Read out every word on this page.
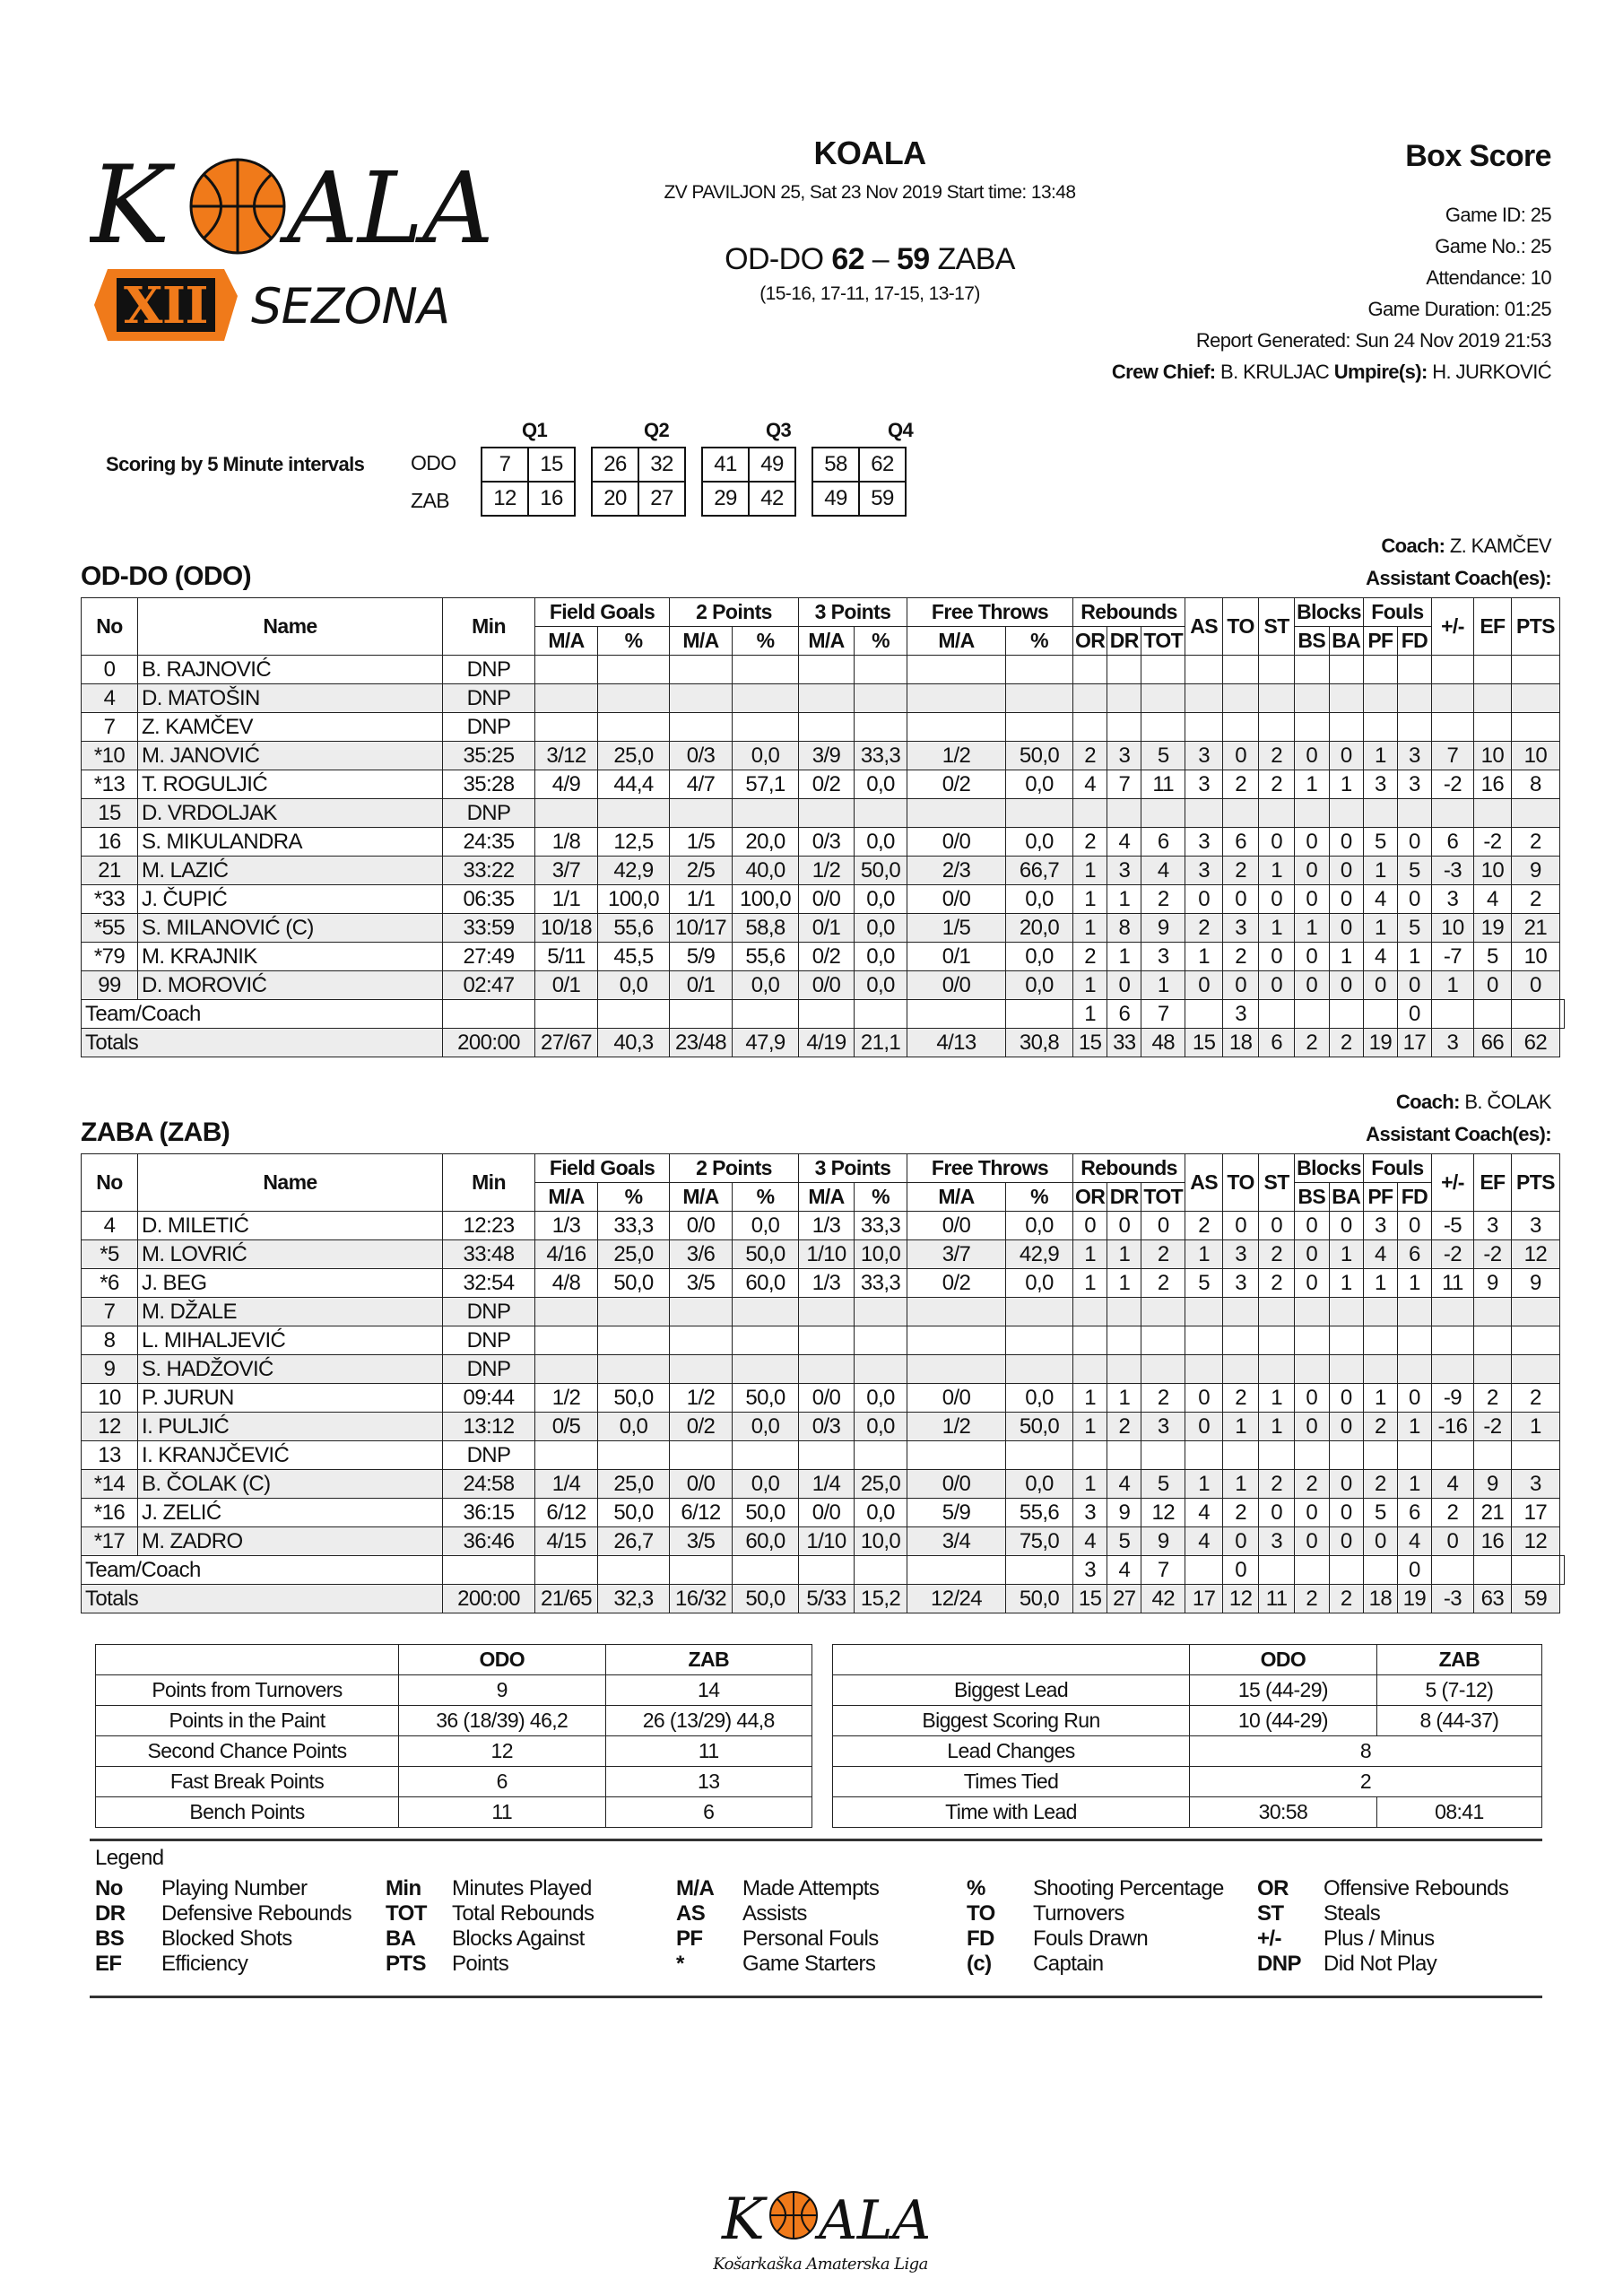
K ALA
XII SEZONA
KOALA
ZV PAVILJON 25, Sat 23 Nov 2019 Start time: 13:48
OD-DO 62 – 59 ZABA
(15-16, 17-11, 17-15, 13-17)
Box Score
Game ID: 25
Game No.: 25
Attendance: 10
Game Duration: 01:25
Report Generated: Sun 24 Nov 2019 21:53
Crew Chief: B. KRULJAC Umpire(s): H. JURKOVIĆ
Scoring by 5 Minute intervals
Q1	Q2	Q3	Q4
ODO
ZAB
7	15		26	32		41	49		58	62
12	16		20	27		29	42		49	59
Coach: Z. KAMČEV
Assistant Coach(es):
OD-DO (ODO)
No	Name	Min	Field Goals		2 Points		3 Points		Free Throws		Rebounds			AS	TO	ST	Blocks		Fouls		+/-	EF	PTS	
			M/A	%	M/A	%	M/A	%	M/A	%	OR	DR	TOT				BS	BA	PF	FD				
0	B. RAJNOVIĆ	DNP																						
4	D. MATOŠIN	DNP																						
7	Z. KAMČEV	DNP																						
*10	M. JANOVIĆ	35:25	3/12	25,0	0/3	0,0	3/9	33,3	1/2	50,0	2	3	5	3	0	2	0	0	1	3	7	10	10	
*13	T. ROGULJIĆ	35:28	4/9	44,4	4/7	57,1	0/2	0,0	0/2	0,0	4	7	11	3	2	2	1	1	3	3	-2	16	8	
15	D. VRDOLJAK	DNP																						
16	S. MIKULANDRA	24:35	1/8	12,5	1/5	20,0	0/3	0,0	0/0	0,0	2	4	6	3	6	0	0	0	5	0	6	-2	2	
21	M. LAZIĆ	33:22	3/7	42,9	2/5	40,0	1/2	50,0	2/3	66,7	1	3	4	3	2	1	0	0	1	5	-3	10	9	
*33	J. ČUPIĆ	06:35	1/1	100,0	1/1	100,0	0/0	0,0	0/0	0,0	1	1	2	0	0	0	0	0	4	0	3	4	2	
*55	S. MILANOVIĆ (C)	33:59	10/18	55,6	10/17	58,8	0/1	0,0	1/5	20,0	1	8	9	2	3	1	1	0	1	5	10	19	21	
*79	M. KRAJNIK	27:49	5/11	45,5	5/9	55,6	0/2	0,0	0/1	0,0	2	1	3	1	2	0	0	1	4	1	-7	5	10	
99	D. MOROVIĆ	02:47	0/1	0,0	0/1	0,0	0/0	0,0	0/0	0,0	1	0	1	0	0	0	0	0	0	0	1	0	0	
Team/Coach											1	6	7		3					0				
Totals		200:00	27/67	40,3	23/48	47,9	4/19	21,1	4/13	30,8	15	33	48	15	18	6	2	2	19	17	3	66	62	
Coach: B. ČOLAK
Assistant Coach(es):
ZABA (ZAB)
No	Name	Min	Field Goals		2 Points		3 Points		Free Throws		Rebounds			AS	TO	ST	Blocks		Fouls		+/-	EF	PTS	
			M/A	%	M/A	%	M/A	%	M/A	%	OR	DR	TOT				BS	BA	PF	FD				
4	D. MILETIĆ	12:23	1/3	33,3	0/0	0,0	1/3	33,3	0/0	0,0	0	0	0	2	0	0	0	0	3	0	-5	3	3	
*5	M. LOVRIĆ	33:48	4/16	25,0	3/6	50,0	1/10	10,0	3/7	42,9	1	1	2	1	3	2	0	1	4	6	-2	-2	12	
*6	J. BEG	32:54	4/8	50,0	3/5	60,0	1/3	33,3	0/2	0,0	1	1	2	5	3	2	0	1	1	1	11	9	9	
7	M. DŽALE	DNP																						
8	L. MIHALJEVIĆ	DNP																						
9	S. HADŽOVIĆ	DNP																						
10	P. JURUN	09:44	1/2	50,0	1/2	50,0	0/0	0,0	0/0	0,0	1	1	2	0	2	1	0	0	1	0	-9	2	2	
12	I. PULJIĆ	13:12	0/5	0,0	0/2	0,0	0/3	0,0	1/2	50,0	1	2	3	0	1	1	0	0	2	1	-16	-2	1	
13	I. KRANJČEVIĆ	DNP																						
*14	B. ČOLAK (C)	24:58	1/4	25,0	0/0	0,0	1/4	25,0	0/0	0,0	1	4	5	1	1	2	2	0	2	1	4	9	3	
*16	J. ZELIĆ	36:15	6/12	50,0	6/12	50,0	0/0	0,0	5/9	55,6	3	9	12	4	2	0	0	0	5	6	2	21	17	
*17	M. ZADRO	36:46	4/15	26,7	3/5	60,0	1/10	10,0	3/4	75,0	4	5	9	4	0	3	0	0	0	4	0	16	12	
Team/Coach											3	4	7		0					0				
Totals		200:00	21/65	32,3	16/32	50,0	5/33	15,2	12/24	50,0	15	27	42	17	12	11	2	2	18	19	-3	63	59	
	ODO	ZAB
Points from Turnovers	9	14
Points in the Paint	36 (18/39) 46,2	26 (13/29) 44,8
Second Chance Points	12	11
Fast Break Points	6	13
Bench Points	11	6
	ODO	ZAB
Biggest Lead	15 (44-29)	5 (7-12)
Biggest Scoring Run	10 (44-29)	8 (44-37)
Lead Changes	8	
Times Tied	2	
Time with Lead	30:58	08:41
Legend
No	Playing Number	Min	Minutes Played	M/A	Made Attempts	%	Shooting Percentage	OR	Offensive Rebounds
DR	Defensive Rebounds	TOT	Total Rebounds	AS	Assists	TO	Turnovers	ST	Steals
BS	Blocked Shots	BA	Blocks Against	PF	Personal Fouls	FD	Fouls Drawn	+/-	Plus / Minus
EF	Efficiency	PTS	Points	*	Game Starters	(c)	Captain	DNP	Did Not Play
K ALA
Košarkaška Amaterska Liga
